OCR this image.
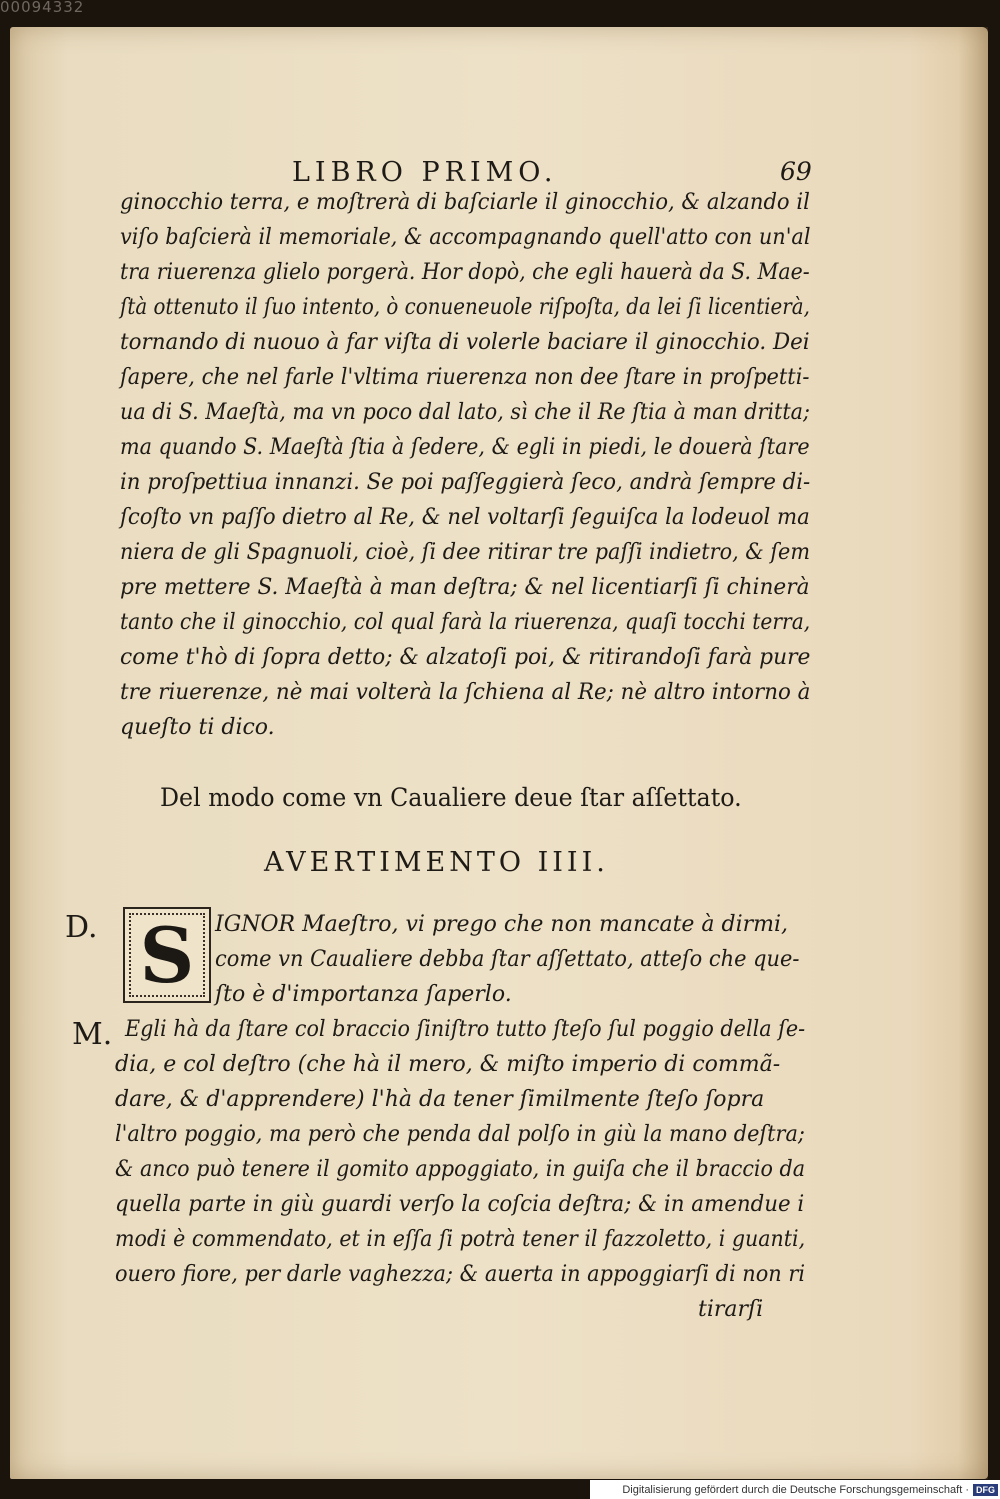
00094332
LIBRO PRIMO.	69
ginocchio terra, e moſtrerà di baſciarle il ginocchio, & alzando il
viſo baſcierà il memoriale, & accompagnando quell'atto con un'al
tra riuerenza glielo porgerà. Hor dopò, che egli hauerà da S. Mae-
ſtà ottenuto il ſuo intento, ò conueneuole riſpoſta, da lei ſi licentierà,
tornando di nuouo à far viſta di volerle baciare il ginocchio. Dei
ſapere, che nel farle l'vltima riuerenza non dee ſtare in proſpetti-
ua di S. Maeſtà, ma vn poco dal lato, sì che il Re ſtia à man dritta;
ma quando S. Maeſtà ſtia à ſedere, & egli in piedi, le douerà ſtare
in proſpettiua innanzi. Se poi paſſeggierà ſeco, andrà ſempre di-
ſcoſto vn paſſo dietro al Re, & nel voltarſi ſeguiſca la lodeuol ma
niera de gli Spagnuoli, cioè, ſi dee ritirar tre paſſi indietro, & ſem
pre mettere S. Maeſtà à man deſtra; & nel licentiarſi ſi chinerà
tanto che il ginocchio, col qual farà la riuerenza, quaſi tocchi terra,
come t'hò di ſopra detto; & alzatoſi poi, & ritirandoſi farà pure
tre riuerenze, nè mai volterà la ſchiena al Re; nè altro intorno à
queſto ti dico.
Del modo come vn Caualiere deue ſtar aſſettato.
AVERTIMENTO IIII.
D. S IGNOR Maeſtro, vi prego che non mancate à dirmi,
come vn Caualiere debba ſtar aſſettato, atteſo che que-
ſto è d'importanza ſaperlo.
M. Egli hà da ſtare col braccio ſiniſtro tutto ſteſo ſul poggio della ſe-
dia, e col deſtro (che hà il mero, & miſto imperio di commã-
dare, & d'apprendere) l'hà da tener ſimilmente ſteſo ſopra
l'altro poggio, ma però che penda dal polſo in giù la mano deſtra;
& anco può tenere il gomito appoggiato, in guiſa che il braccio da
quella parte in giù guardi verſo la coſcia deſtra; & in amendue i
modi è commendato, et in eſſa ſi potrà tener il fazzoletto, i guanti,
ouero fiore, per darle vaghezza; & auerta in appoggiarſi di non ri
tirarſi
Digitalisierung gefördert durch die Deutsche Forschungsgemeinschaft · DFG
